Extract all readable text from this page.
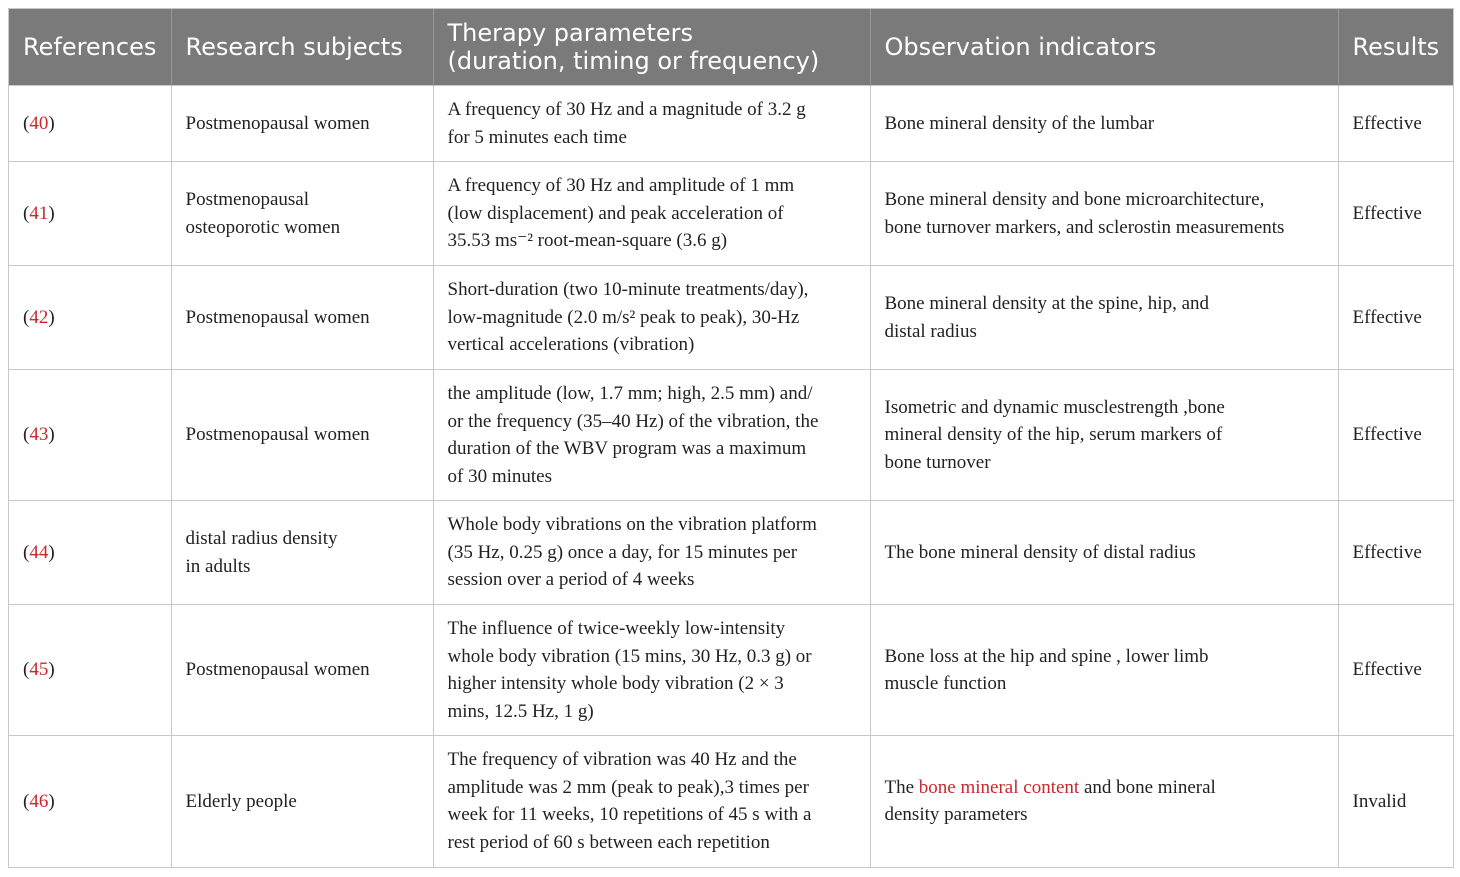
References	Research subjects	Therapy parameters
(duration, timing or frequency)	Observation indicators	Results

(40)	Postmenopausal women	A frequency of 30 Hz and a magnitude of 3.2 g
for 5 minutes each time	Bone mineral density of the lumbar	Effective
(41)	Postmenopausal
osteoporotic women	A frequency of 30 Hz and amplitude of 1 mm
(low displacement) and peak acceleration of
35.53 ms⁻² root-mean-square (3.6 g)	Bone mineral density and bone microarchitecture,
bone turnover markers, and sclerostin measurements	Effective
(42)	Postmenopausal women	Short-duration (two 10-minute treatments/day),
low-magnitude (2.0 m/s² peak to peak), 30-Hz
vertical accelerations (vibration)	Bone mineral density at the spine, hip, and
distal radius	Effective
(43)	Postmenopausal women	the amplitude (low, 1.7 mm; high, 2.5 mm) and/
or the frequency (35–40 Hz) of the vibration, the
duration of the WBV program was a maximum
of 30 minutes	Isometric and dynamic musclestrength ,bone
mineral density of the hip, serum markers of
bone turnover	Effective
(44)	distal radius density
in adults	Whole body vibrations on the vibration platform
(35 Hz, 0.25 g) once a day, for 15 minutes per
session over a period of 4 weeks	The bone mineral density of distal radius	Effective
(45)	Postmenopausal women	The influence of twice-weekly low-intensity
whole body vibration (15 mins, 30 Hz, 0.3 g) or
higher intensity whole body vibration (2 × 3
mins, 12.5 Hz, 1 g)	Bone loss at the hip and spine , lower limb
muscle function	Effective
(46)	Elderly people	The frequency of vibration was 40 Hz and the
amplitude was 2 mm (peak to peak),3 times per
week for 11 weeks, 10 repetitions of 45 s with a
rest period of 60 s between each repetition	The bone mineral content and bone mineral
density parameters	Invalid
